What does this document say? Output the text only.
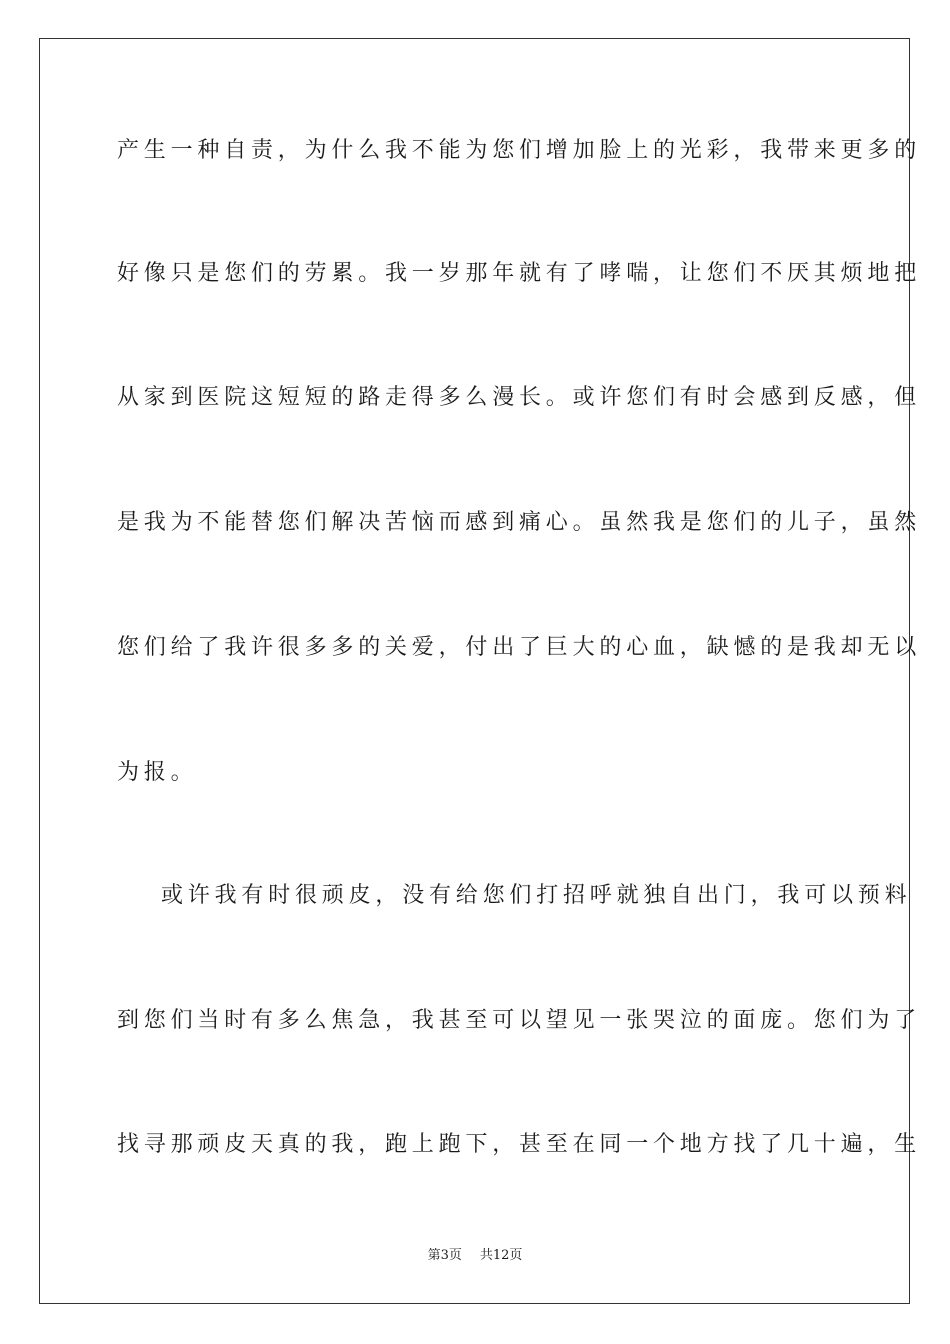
产生一种自责，为什么我不能为您们增加脸上的光彩，我带来更多的
好像只是您们的劳累。我一岁那年就有了哮喘，让您们不厌其烦地把
从家到医院这短短的路走得多么漫长。或许您们有时会感到反感，但
是我为不能替您们解决苦恼而感到痛心。虽然我是您们的儿子，虽然
您们给了我许很多多的关爱，付出了巨大的心血，缺憾的是我却无以
为报。
或许我有时很顽皮，没有给您们打招呼就独自出门，我可以预料
到您们当时有多么焦急，我甚至可以望见一张哭泣的面庞。您们为了
找寻那顽皮天真的我，跑上跑下，甚至在同一个地方找了几十遍，生
第3页 共12页
